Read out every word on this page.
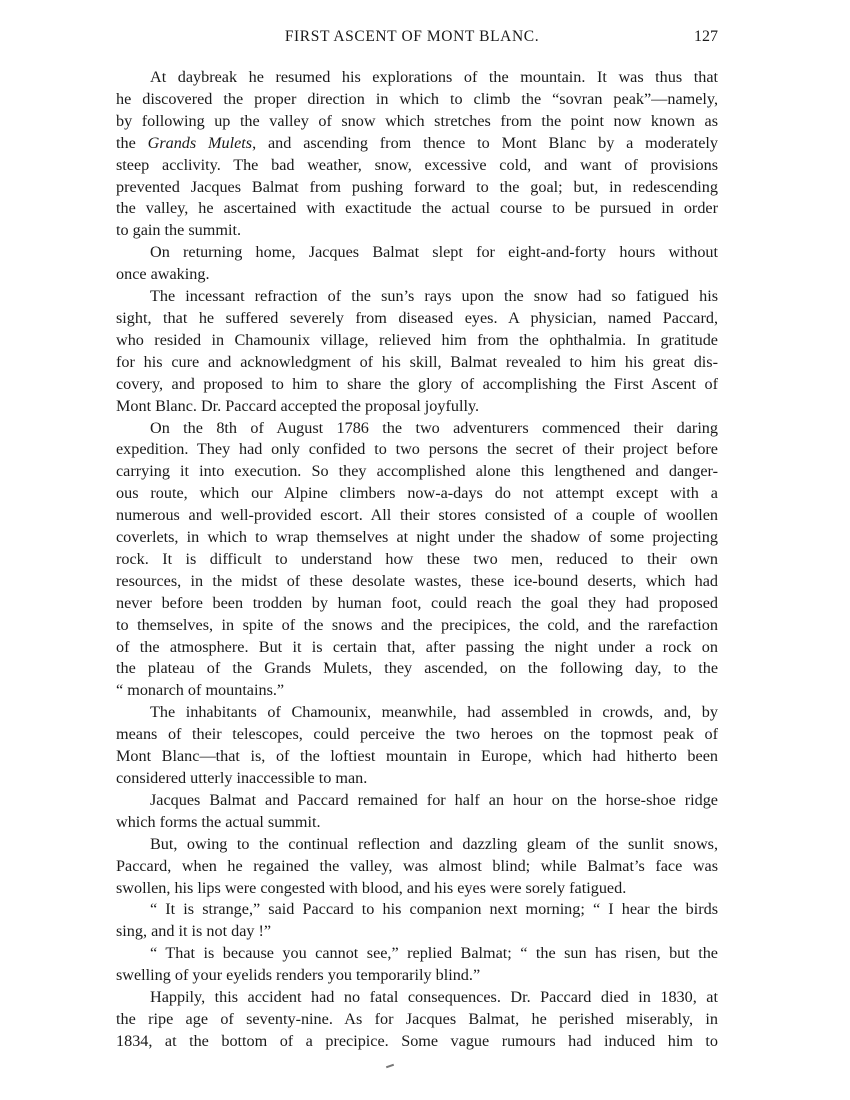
FIRST ASCENT OF MONT BLANC.	127
At daybreak he resumed his explorations of the mountain. It was thus that
he discovered the proper direction in which to climb the “sovran peak”—namely,
by following up the valley of snow which stretches from the point now known as
the Grands Mulets, and ascending from thence to Mont Blanc by a moderately
steep acclivity. The bad weather, snow, excessive cold, and want of provisions
prevented Jacques Balmat from pushing forward to the goal; but, in redescending
the valley, he ascertained with exactitude the actual course to be pursued in order
to gain the summit.
On returning home, Jacques Balmat slept for eight-and-forty hours without
once awaking.
The incessant refraction of the sun’s rays upon the snow had so fatigued his
sight, that he suffered severely from diseased eyes. A physician, named Paccard,
who resided in Chamounix village, relieved him from the ophthalmia. In gratitude
for his cure and acknowledgment of his skill, Balmat revealed to him his great dis-
covery, and proposed to him to share the glory of accomplishing the First Ascent of
Mont Blanc. Dr. Paccard accepted the proposal joyfully.
On the 8th of August 1786 the two adventurers commenced their daring
expedition. They had only confided to two persons the secret of their project before
carrying it into execution. So they accomplished alone this lengthened and danger-
ous route, which our Alpine climbers now-a-days do not attempt except with a
numerous and well-provided escort. All their stores consisted of a couple of woollen
coverlets, in which to wrap themselves at night under the shadow of some projecting
rock. It is difficult to understand how these two men, reduced to their own
resources, in the midst of these desolate wastes, these ice-bound deserts, which had
never before been trodden by human foot, could reach the goal they had proposed
to themselves, in spite of the snows and the precipices, the cold, and the rarefaction
of the atmosphere. But it is certain that, after passing the night under a rock on
the plateau of the Grands Mulets, they ascended, on the following day, to the
“ monarch of mountains.”
The inhabitants of Chamounix, meanwhile, had assembled in crowds, and, by
means of their telescopes, could perceive the two heroes on the topmost peak of
Mont Blanc—that is, of the loftiest mountain in Europe, which had hitherto been
considered utterly inaccessible to man.
Jacques Balmat and Paccard remained for half an hour on the horse-shoe ridge
which forms the actual summit.
But, owing to the continual reflection and dazzling gleam of the sunlit snows,
Paccard, when he regained the valley, was almost blind; while Balmat’s face was
swollen, his lips were congested with blood, and his eyes were sorely fatigued.
“ It is strange,” said Paccard to his companion next morning; “ I hear the birds
sing, and it is not day !”
“ That is because you cannot see,” replied Balmat; “ the sun has risen, but the
swelling of your eyelids renders you temporarily blind.”
Happily, this accident had no fatal consequences. Dr. Paccard died in 1830, at
the ripe age of seventy-nine. As for Jacques Balmat, he perished miserably, in
1834, at the bottom of a precipice. Some vague rumours had induced him to
